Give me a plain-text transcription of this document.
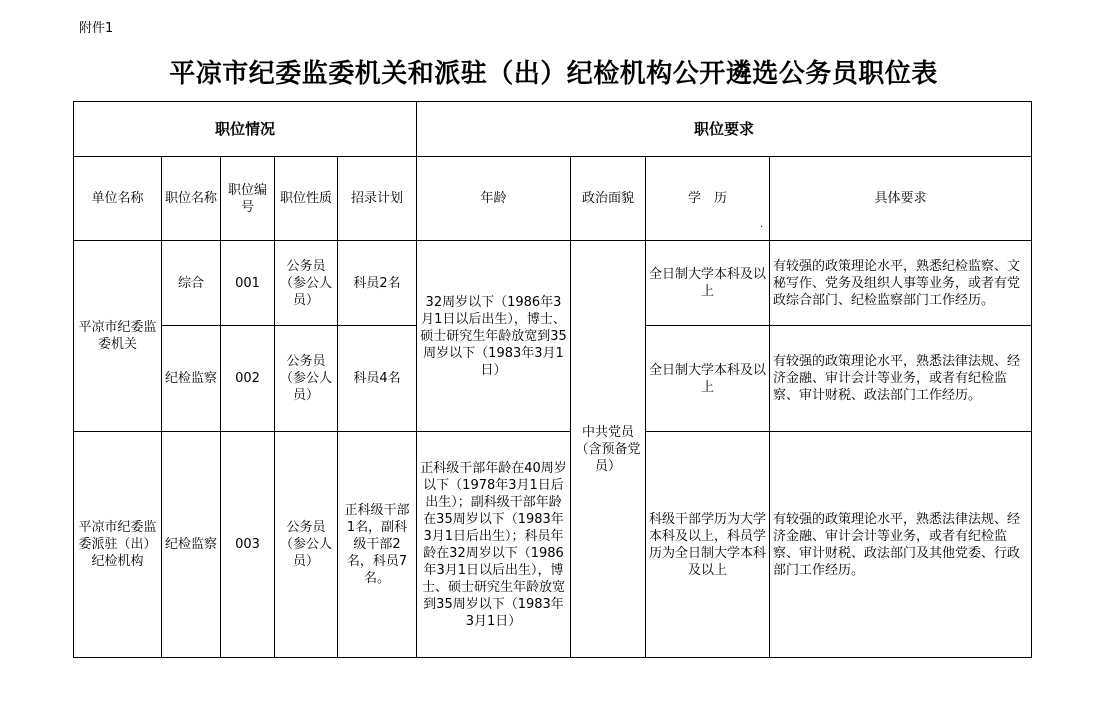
附件1
平凉市纪委监委机关和派驻（出）纪检机构公开遴选公务员职位表
职位情况					职位要求			
单位名称	职位名称	职位编号	职位性质	招录计划	年龄	政治面貌	学　历	具体要求
平凉市纪委监委机关	综合	001	公务员（参公人员）	科员2名	32周岁以下（1986年3月1日以后出生），博士、硕士研究生年龄放宽到35周岁以下（1983年3月1日）	中共党员（含预备党员）	全日制大学本科及以上	有较强的政策理论水平，熟悉纪检监察、文秘写作、党务及组织人事等业务，或者有党政综合部门、纪检监察部门工作经历。
	纪检监察	002	公务员（参公人员）	科员4名			全日制大学本科及以上	有较强的政策理论水平，熟悉法律法规、经济金融、审计会计等业务，或者有纪检监察、审计财税、政法部门工作经历。
平凉市纪委监委派驻（出）纪检机构	纪检监察	003	公务员（参公人员）	正科级干部1名，副科级干部2名，科员7名。	正科级干部年龄在40周岁以下（1978年3月1日后出生）；副科级干部年龄在35周岁以下（1983年3月1日后出生）；科员年龄在32周岁以下（1986年3月1日以后出生），博士、硕士研究生年龄放宽到35周岁以下（1983年3月1日）		科级干部学历为大学本科及以上，科员学历为全日制大学本科及以上	有较强的政策理论水平，熟悉法律法规、经济金融、审计会计等业务，或者有纪检监察、审计财税、政法部门及其他党委、行政部门工作经历。
.
